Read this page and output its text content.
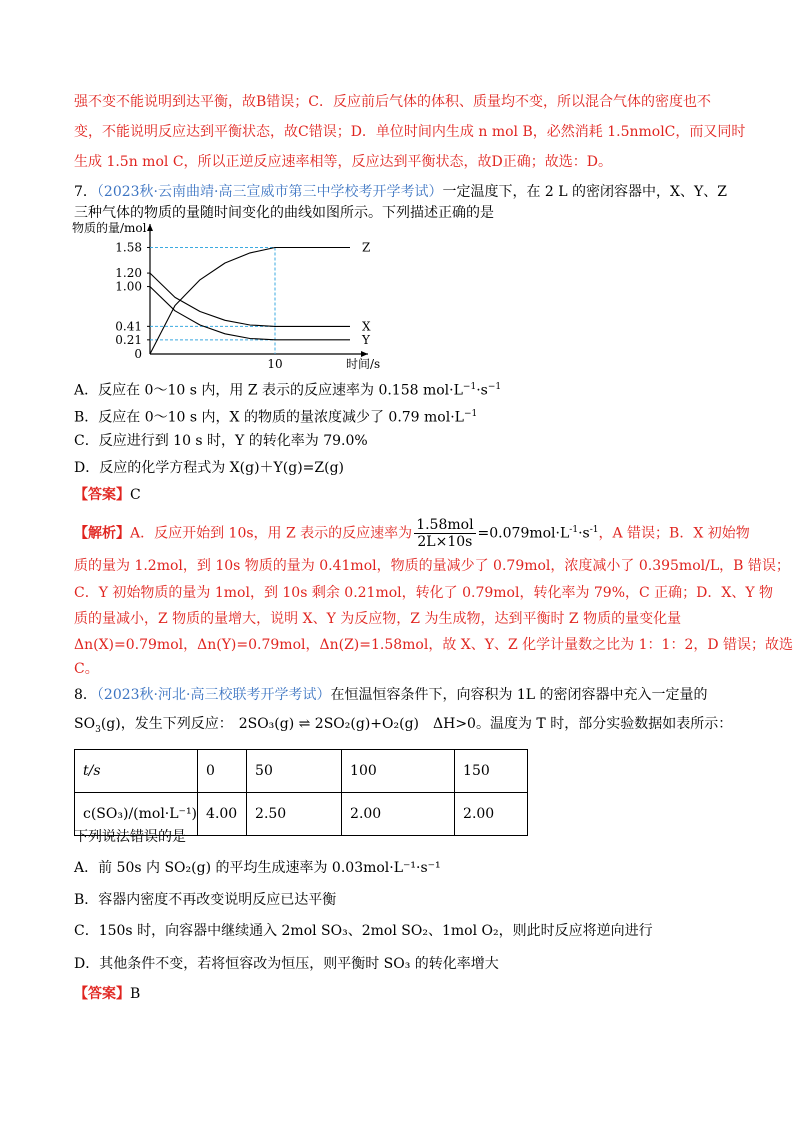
强不变不能说明到达平衡，故B错误；C．反应前后气体的体积、质量均不变，所以混合气体的密度也不
变，不能说明反应达到平衡状态，故C错误；D．单位时间内生成 n mol B，必然消耗 1.5nmolC，而又同时
生成 1.5n mol C，所以正逆反应速率相等，反应达到平衡状态，故D正确；故选：D。
7．（2023秋·云南曲靖·高三宣威市第三中学校考开学考试）一定温度下，在 2 L 的密闭容器中，X、Y、Z
三种气体的物质的量随时间变化的曲线如图所示。下列描述正确的是
物质的量/mol
时间/s
1.58
1.20
1.00
0.41
0.21
0
10
Z
X
Y
A．反应在 0～10 s 内，用 Z 表示的反应速率为 0.158 $mol\cdot L^{-1}\cdot s^{-1}$
B．反应在 0～10 s 内，X 的物质的量浓度减少了 0.79 $mol\cdot L^{-1}$
C．反应进行到 10 s 时，Y 的转化率为 79.0%
D．反应的化学方程式为 X(g)＋Y(g)=Z(g)
【答案】C
【解析】A．反应开始到 10s，用 Z 表示的反应速率为 $\frac{\text{1.58mol}}{2L\times 10s} =0.079mol\cdot L^{-1}\cdot s^{-1}$，A 错误；B．X 初始物
质的量为 1.2mol，到 10s 物质的量为 0.41mol，物质的量减少了 0.79mol，浓度减小了 0.395mol/L，B 错误；
C．Y 初始物质的量为 1mol，到 10s 剩余 0.21mol，转化了 0.79mol，转化率为 79%，C 正确；D．X、Y 物
质的量减小，Z 物质的量增大，说明 X、Y 为反应物，Z 为生成物，达到平衡时 Z 物质的量变化量
Δn(X)=0.79mol，Δn(Y)=0.79mol，Δn(Z)=1.58mol，故 X、Y、Z 化学计量数之比为 1：1：2，D 错误；故选
C。
8．（2023秋·河北·高三校联考开学考试）在恒温恒容条件下，向容积为 1L 的密闭容器中充入一定量的
$SO_3(g)$，发生下列反应： 2SO₃(g) ⇌ 2SO₂(g)+O₂(g) ΔH>0。温度为 T 时，部分实验数据如表所示：
t/s	0	50	100	150
c(SO₃)/(mol·L⁻¹)	4.00	2.50	2.00	2.00
下列说法错误的是
A．前 50s 内 SO₂(g) 的平均生成速率为 0.03mol·L⁻¹·s⁻¹
B．容器内密度不再改变说明反应已达平衡
C．150s 时，向容器中继续通入 2mol SO₃、2mol SO₂、1mol O₂，则此时反应将逆向进行
D．其他条件不变，若将恒容改为恒压，则平衡时 SO₃ 的转化率增大
【答案】B
